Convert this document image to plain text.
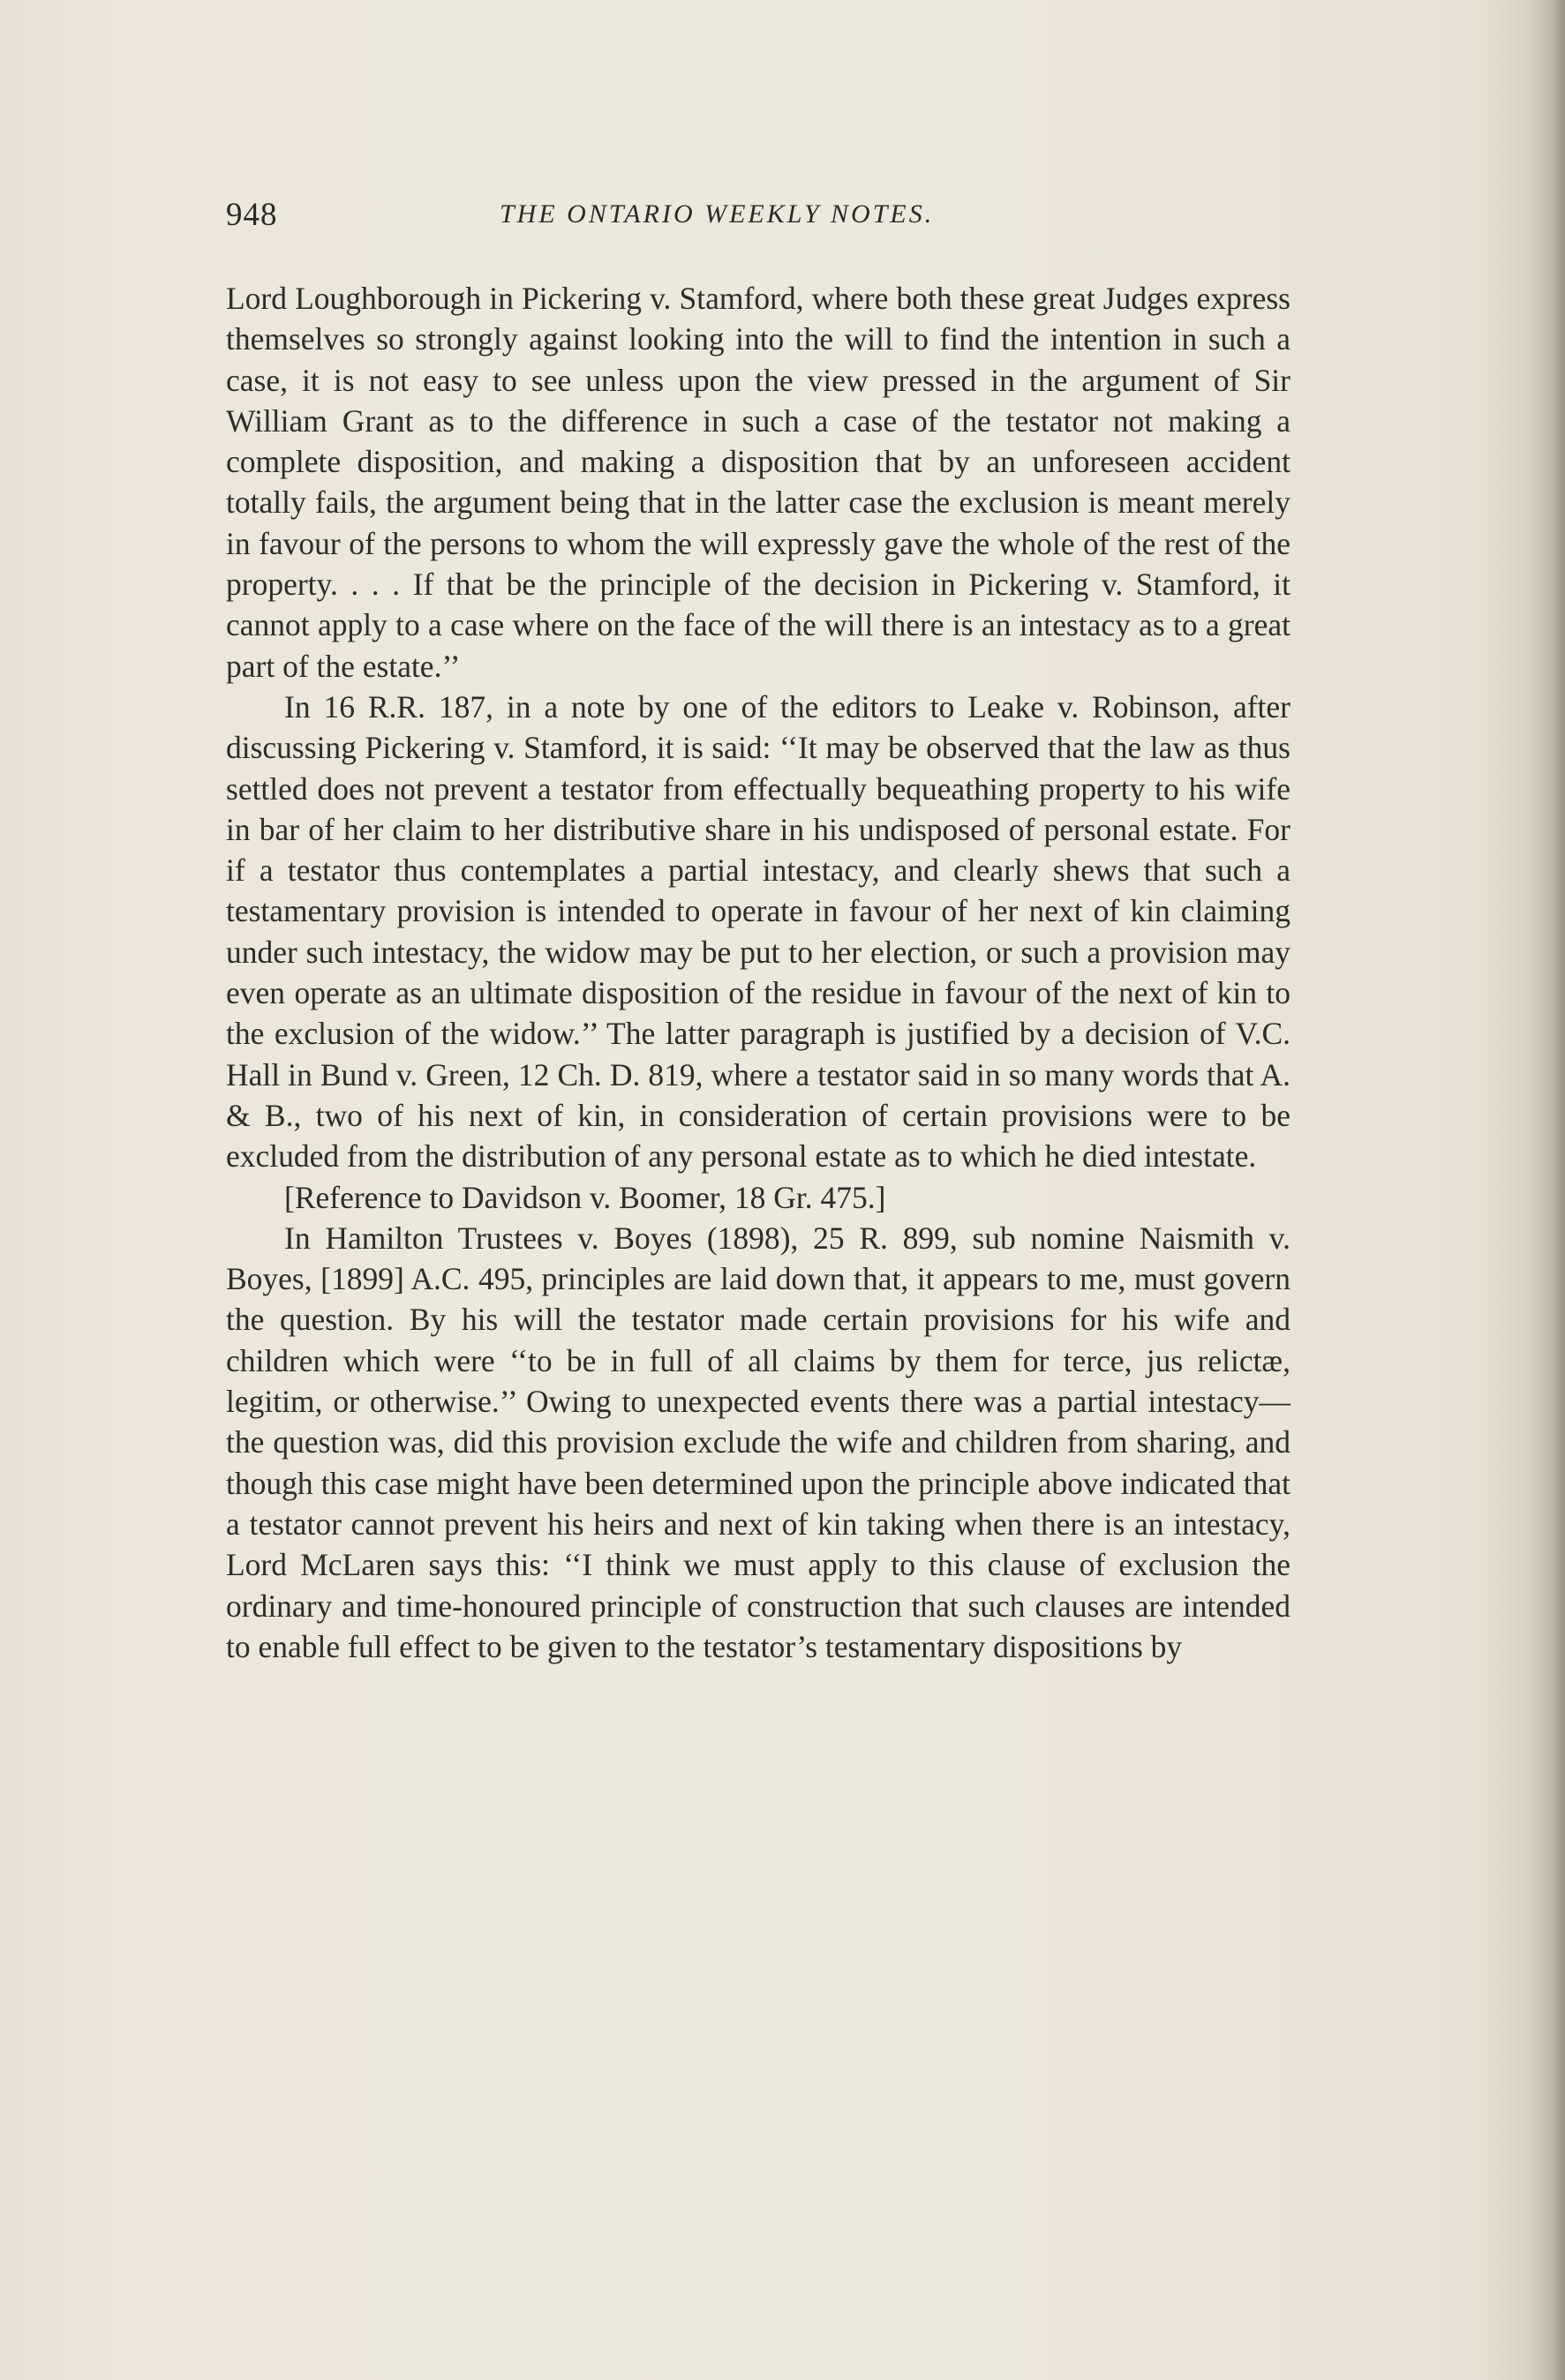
948	THE ONTARIO WEEKLY NOTES.

Lord Loughborough in Pickering v. Stamford, where both these great Judges express themselves so strongly against looking into the will to find the intention in such a case, it is not easy to see unless upon the view pressed in the argument of Sir William Grant as to the difference in such a case of the testator not making a complete disposition, and making a disposition that by an unforeseen accident totally fails, the argument being that in the latter case the exclusion is meant merely in favour of the persons to whom the will expressly gave the whole of the rest of the property. . . . If that be the principle of the decision in Pickering v. Stamford, it cannot apply to a case where on the face of the will there is an intestacy as to a great part of the estate.’’

In 16 R.R. 187, in a note by one of the editors to Leake v. Robinson, after discussing Pickering v. Stamford, it is said: ‘‘It may be observed that the law as thus settled does not prevent a testator from effectually bequeathing property to his wife in bar of her claim to her distributive share in his undisposed of personal estate. For if a testator thus contemplates a partial intestacy, and clearly shews that such a testamentary provision is intended to operate in favour of her next of kin claiming under such intestacy, the widow may be put to her election, or such a provision may even operate as an ultimate disposition of the residue in favour of the next of kin to the exclusion of the widow.’’ The latter paragraph is justified by a decision of V.C. Hall in Bund v. Green, 12 Ch. D. 819, where a testator said in so many words that A. & B., two of his next of kin, in consideration of certain provisions were to be excluded from the distribution of any personal estate as to which he died intestate.

[Reference to Davidson v. Boomer, 18 Gr. 475.]

In Hamilton Trustees v. Boyes (1898), 25 R. 899, sub nomine Naismith v. Boyes, [1899] A.C. 495, principles are laid down that, it appears to me, must govern the question. By his will the testator made certain provisions for his wife and children which were ‘‘to be in full of all claims by them for terce, jus relictæ, legitim, or otherwise.’’ Owing to unexpected events there was a partial intestacy—the question was, did this provision exclude the wife and children from sharing, and though this case might have been determined upon the principle above indicated that a testator cannot prevent his heirs and next of kin taking when there is an intestacy, Lord McLaren says this: ‘‘I think we must apply to this clause of exclusion the ordinary and time-honoured principle of construction that such clauses are intended to enable full effect to be given to the testator’s testamentary dispositions by
